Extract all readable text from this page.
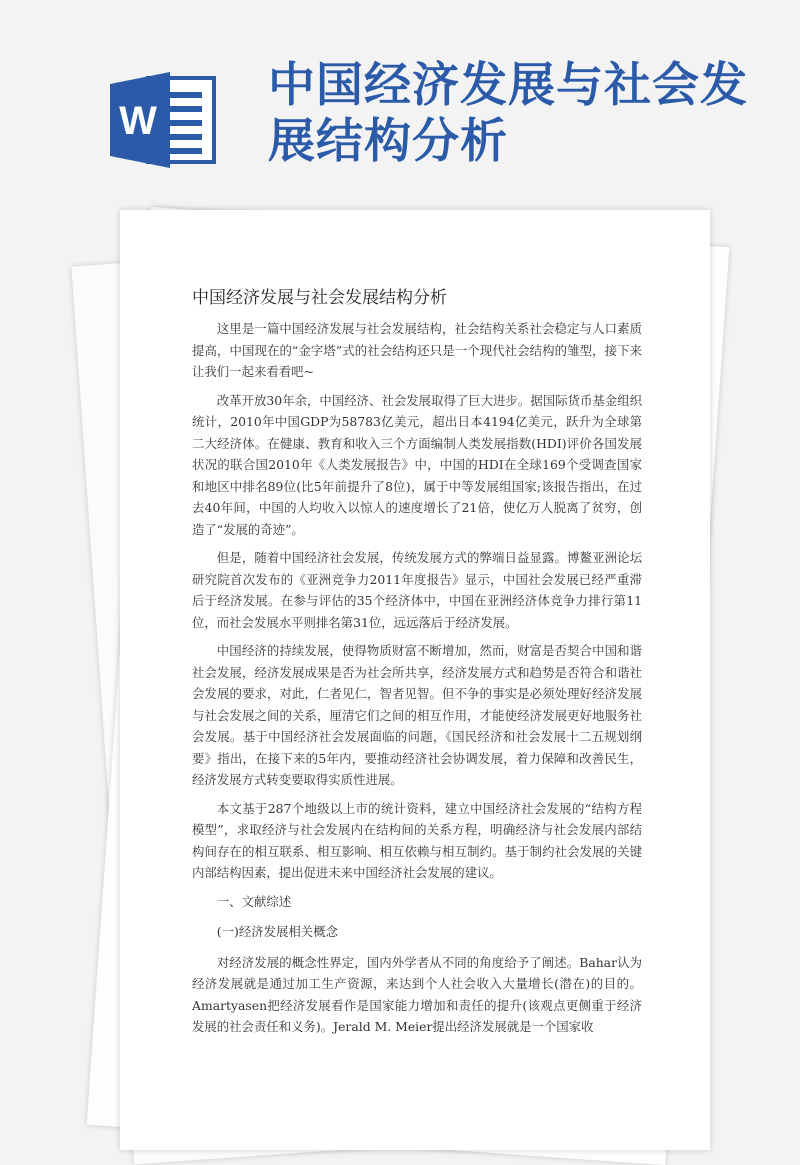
W
中国经济发展与社会发
展结构分析
中国经济发展与社会发展结构分析

这里是一篇中国经济发展与社会发展结构，社会结构关系社会稳定与人口素质提高，中国现在的“金字塔”式的社会结构还只是一个现代社会结构的雏型，接下来让我们一起来看看吧~

改革开放30年余，中国经济、社会发展取得了巨大进步。据国际货币基金组织统计，2010年中国GDP为58783亿美元，超出日本4194亿美元，跃升为全球第二大经济体。在健康、教育和收入三个方面编制人类发展指数(HDI)评价各国发展状况的联合国2010年《人类发展报告》中，中国的HDI在全球169个受调查国家和地区中排名89位(比5年前提升了8位)，属于中等发展组国家;该报告指出，在过去40年间，中国的人均收入以惊人的速度增长了21倍，使亿万人脱离了贫穷，创造了“发展的奇迹”。

但是，随着中国经济社会发展，传统发展方式的弊端日益显露。博鳌亚洲论坛研究院首次发布的《亚洲竞争力2011年度报告》显示，中国社会发展已经严重滞后于经济发展。在参与评估的35个经济体中，中国在亚洲经济体竞争力排行第11位，而社会发展水平则排名第31位，远远落后于经济发展。

中国经济的持续发展，使得物质财富不断增加，然而，财富是否契合中国和谐社会发展，经济发展成果是否为社会所共享，经济发展方式和趋势是否符合和谐社会发展的要求，对此，仁者见仁，智者见智。但不争的事实是必须处理好经济发展与社会发展之间的关系，厘清它们之间的相互作用，才能使经济发展更好地服务社会发展。基于中国经济社会发展面临的问题，《国民经济和社会发展十二五规划纲要》指出，在接下来的5年内，要推动经济社会协调发展，着力保障和改善民生，经济发展方式转变要取得实质性进展。

本文基于287个地级以上市的统计资料，建立中国经济社会发展的“结构方程模型”，求取经济与社会发展内在结构间的关系方程，明确经济与社会发展内部结构间存在的相互联系、相互影响、相互依赖与相互制约。基于制约社会发展的关键内部结构因素，提出促进未来中国经济社会发展的建议。

一、文献综述

(一)经济发展相关概念

对经济发展的概念性界定，国内外学者从不同的角度给予了阐述。Bahar认为经济发展就是通过加工生产资源，来达到个人社会收入大量增长(潜在)的目的。Amartyasen把经济发展看作是国家能力增加和责任的提升(该观点更侧重于经济发展的社会责任和义务)。Jerald M. Meier提出经济发展就是一个国家收
